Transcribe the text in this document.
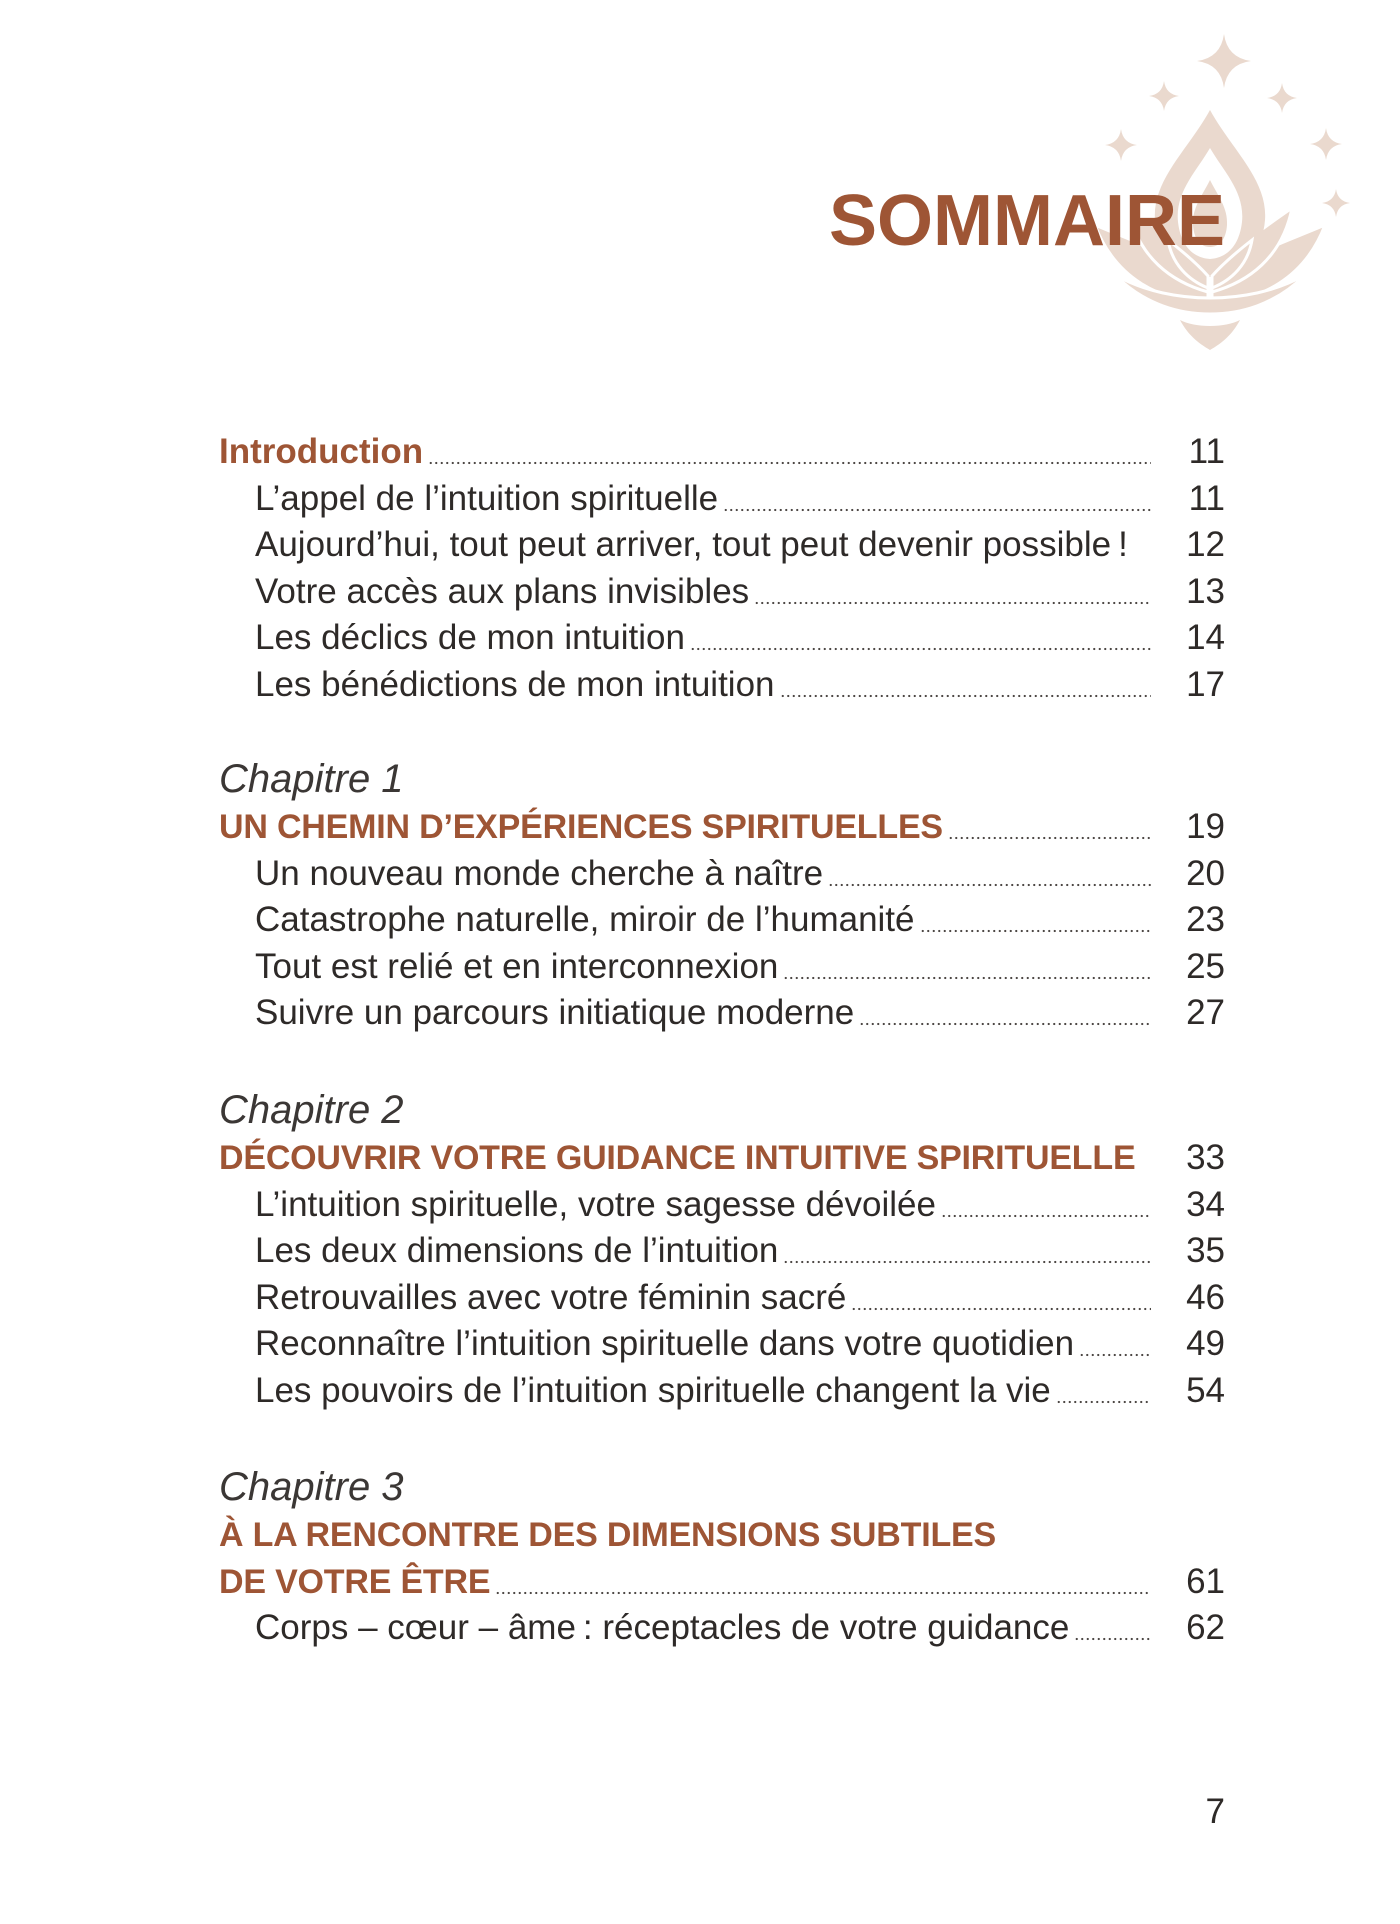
SOMMAIRE
Introduction	11
L’appel de l’intuition spirituelle	11
Aujourd’hui, tout peut arriver, tout peut devenir possible !	12
Votre accès aux plans invisibles	13
Les déclics de mon intuition	14
Les bénédictions de mon intuition	17
Chapitre 1
UN CHEMIN D’EXPÉRIENCES SPIRITUELLES	19
Un nouveau monde cherche à naître	20
Catastrophe naturelle, miroir de l’humanité	23
Tout est relié et en interconnexion	25
Suivre un parcours initiatique moderne	27
Chapitre 2
DÉCOUVRIR VOTRE GUIDANCE INTUITIVE SPIRITUELLE	33
L’intuition spirituelle, votre sagesse dévoilée	34
Les deux dimensions de l’intuition	35
Retrouvailles avec votre féminin sacré	46
Reconnaître l’intuition spirituelle dans votre quotidien	49
Les pouvoirs de l’intuition spirituelle changent la vie	54
Chapitre 3
À LA RENCONTRE DES DIMENSIONS SUBTILES
DE VOTRE ÊTRE	61
Corps – cœur – âme : réceptacles de votre guidance	62
7
